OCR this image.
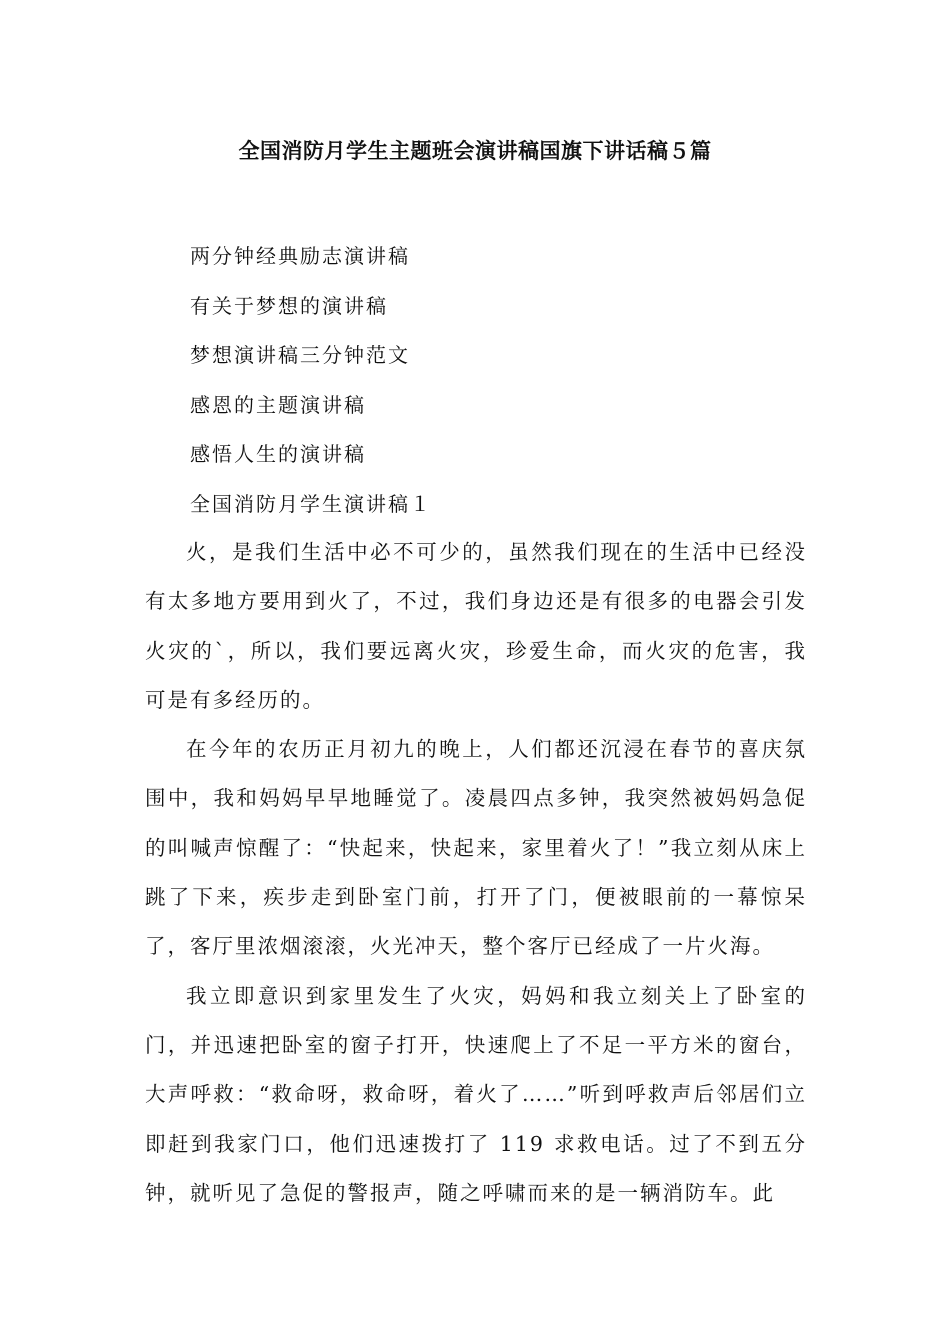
全国消防月学生主题班会演讲稿国旗下讲话稿５篇
两分钟经典励志演讲稿
有关于梦想的演讲稿
梦想演讲稿三分钟范文
感恩的主题演讲稿
感悟人生的演讲稿
全国消防月学生演讲稿１

火，是我们生活中必不可少的，虽然我们现在的生活中已经没有太多地方要用到火了，不过，我们身边还是有很多的电器会引发火灾的`，所以，我们要远离火灾，珍爱生命，而火灾的危害，我可是有多经历的。

在今年的农历正月初九的晚上，人们都还沉浸在春节的喜庆氛围中，我和妈妈早早地睡觉了。凌晨四点多钟，我突然被妈妈急促的叫喊声惊醒了：“快起来，快起来，家里着火了！”我立刻从床上跳了下来，疾步走到卧室门前，打开了门，便被眼前的一幕惊呆了，客厅里浓烟滚滚，火光冲天，整个客厅已经成了一片火海。

我立即意识到家里发生了火灾，妈妈和我立刻关上了卧室的门，并迅速把卧室的窗子打开，快速爬上了不足一平方米的窗台，大声呼救：“救命呀，救命呀，着火了……”听到呼救声后邻居们立即赶到我家门口，他们迅速拨打了 119 求救电话。过了不到五分钟，就听见了急促的警报声，随之呼啸而来的是一辆消防车。此
